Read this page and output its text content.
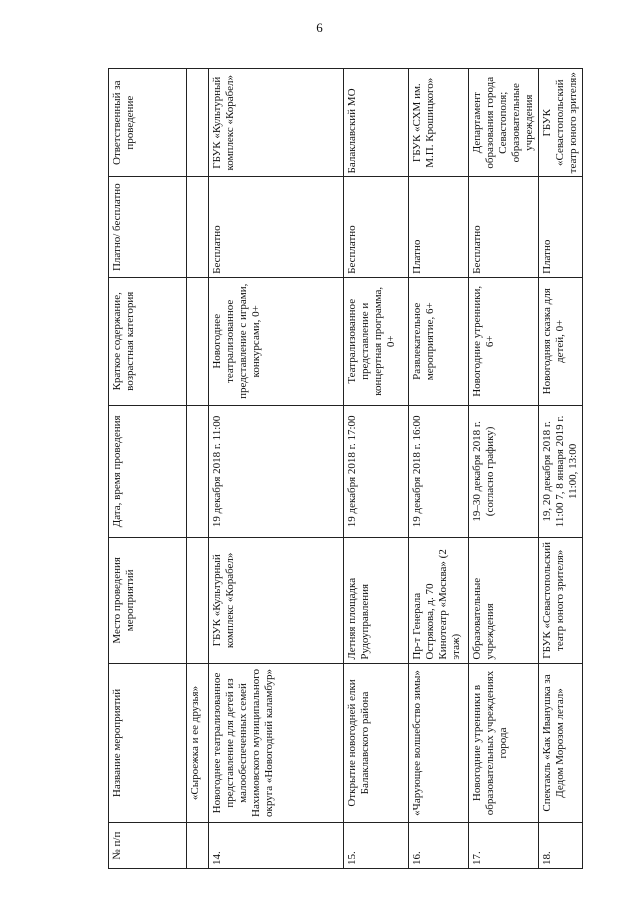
6
№ п/п	Название мероприятий	Место проведения мероприятий	Дата, время проведения	Краткое содержание, возрастная категория	Платно/ бесплатно	Ответственный за проведение
	«Сыроежка и ее друзья»					
14.	Новогоднее театрализованное представление для детей из малообеспеченных семей Нахимовского муниципального округа «Новогодний каламбур»	ГБУК «Культурный комплекс «Корабел»	19 декабря 2018 г. 11:00	Новогоднее театрализованное представление с играми, конкурсами, 0+	Бесплатно	ГБУК «Культурный комплекс «Корабел»
15.	Открытие новогодней елки Балаклавского района	Летняя площадка Рудоуправления	19 декабря 2018 г. 17:00	Театрализованное представление и концертная программа, 0+	Бесплатно	Балаклавский МО
16.	«Чарующее волшебство зимы»	Пр-т Генерала Острякова, д. 70 Кинотеатр «Москва» (2 этаж)	19 декабря 2018 г. 16:00	Развлекательное мероприятие, 6+	Платно	ГБУК «СХМ им. М.П. Крошицкого»
17.	Новогодние утренники в образовательных учреждениях города	Образовательные учреждения	19–30 декабря 2018 г. (согласно графику)	Новогодние утренники, 6+	Бесплатно	Департамент образования города Севастополя; образовательные учреждения
18.	Спектакль «Как Иванушка за Дедом Морозом летал»	ГБУК «Севастопольский театр юного зрителя»	19, 20 декабря 2018 г. 11:00 7, 8 января 2019 г. 11:00, 13:00	Новогодняя сказка для детей, 0+	Платно	ГБУК «Севастопольский театр юного зрителя»
